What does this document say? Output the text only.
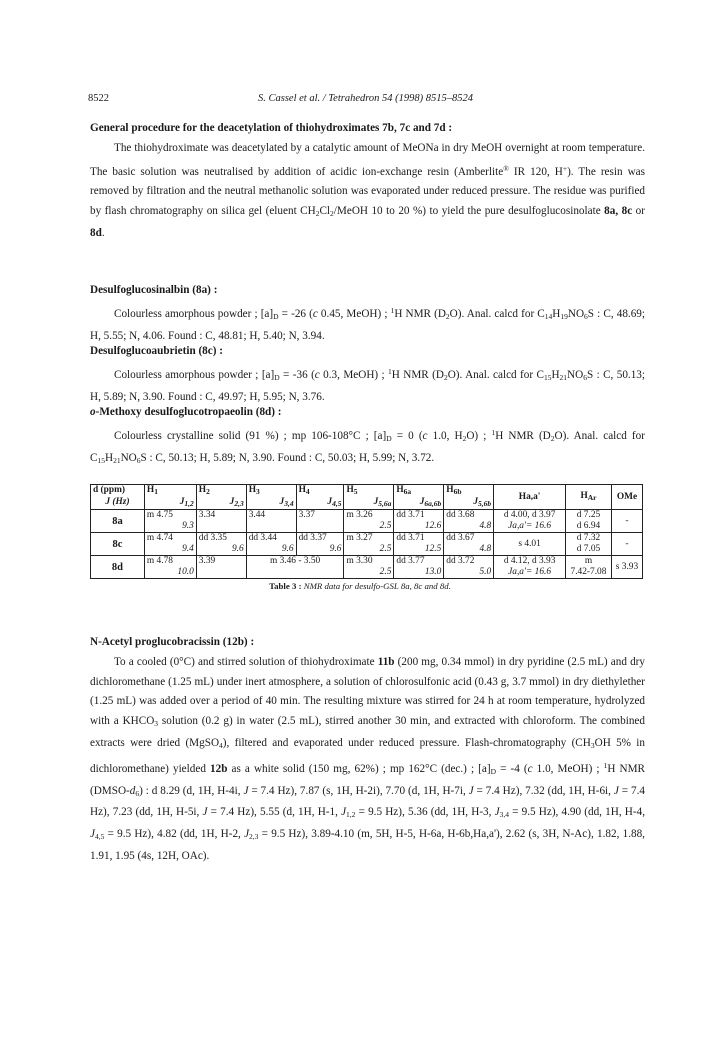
8522	S. Cassel et al. / Tetrahedron 54 (1998) 8515–8524

General procedure for the deacetylation of thiohydroximates 7b, 7c and 7d :

The thiohydroximate was deacetylated by a catalytic amount of MeONa in dry MeOH overnight at room temperature. The basic solution was neutralised by addition of acidic ion-exchange resin (Amberlite® IR 120, H+). The resin was removed by filtration and the neutral methanolic solution was evaporated under reduced pressure. The residue was purified by flash chromatography on silica gel (eluent $CH_2Cl_2$/MeOH 10 to 20 %) to yield the pure desulfoglucosinolate 8a, 8c or 8d.

Desulfoglucosinalbin (8a) :

Colourless amorphous powder ; $[a]_D = -26$ (c 0.45, MeOH) ; $^1$H NMR $(D_2O)$. Anal. calcd for $C_{14}H_{19}NO_6S$ : C, 48.69; H, 5.55; N, 4.06. Found : C, 48.81; H, 5.40; N, 3.94.

Desulfoglucoaubrietin (8c) :

Colourless amorphous powder ; $[a]_D = -36$ (c 0.3, MeOH) ; $^1$H NMR $(D_2O)$. Anal. calcd for $C_{15}H_{21}NO_6S$ : C, 50.13; H, 5.89; N, 3.90. Found : C, 49.97; H, 5.95; N, 3.76.

o-Methoxy desulfoglucotropaeolin (8d) :

Colourless crystalline solid (91 %) ; mp 106-108°C ; $[a]_D = 0$ (c 1.0, $H_2O$) ; $^1$H NMR $(D_2O)$. Anal. calcd for $C_{15}H_{21}NO_6S$ : C, 50.13; H, 5.89; N, 3.90. Found : C, 50.03; H, 5.99; N, 3.72.

d (ppm)	$H_1$	$H_2$	$H_3$	$H_4$	$H_5$	$H_{6a}$	$H_{6b}$	Ha,a'	$H_{Ar}$	OMe
J (Hz)	$J_{1,2}$	$J_{2,3}$	$J_{3,4}$	$J_{4,5}$	$J_{5,6a}$	$J_{6a,6b}$	$J_{5,6b}$
8a	m 4.75	3.34	3.44	3.37	m 3.26	dd 3.71	dd 3.68	d 4.00, d 3.97	d 7.25	-
	9.3				2.5	12.6	4.8	Ja,a'= 16.6	d 6.94	
8c	m 4.74	dd 3.35	dd 3.44	dd 3.37	m 3.27	dd 3.71	dd 3.67	s 4.01	d 7.32	-
	9.4	9.6	9.6	9.6	2.5	12.5	4.8		d 7.05	
8d	m 4.78	3.39	m 3.46 - 3.50		m 3.30	dd 3.77	dd 3.72	d 4.12, d 3.93	m	s 3.93
	10.0				2.5	13.0	5.0	Ja,a'= 16.6	7.42-7.08	
Table 3 : NMR data for desulfo-GSL 8a, 8c and 8d.

N-Acetyl proglucobracissin (12b) :

To a cooled (0°C) and stirred solution of thiohydroximate 11b (200 mg, 0.34 mmol) in dry pyridine (2.5 mL) and dry dichloromethane (1.25 mL) under inert atmosphere, a solution of chlorosulfonic acid (0.43 g, 3.7 mmol) in dry diethylether (1.25 mL) was added over a period of 40 min. The resulting mixture was stirred for 24 h at room temperature, hydrolyzed with a $KHCO_3$ solution (0.2 g) in water (2.5 mL), stirred another 30 min, and extracted with chloroform. The combined extracts were dried (MgSO$_4$), filtered and evaporated under reduced pressure. Flash-chromatography ($CH_3OH$ 5% in dichloromethane) yielded 12b as a white solid (150 mg, 62%) ; mp 162°C (dec.) ; $[a]_D = -4$ (c 1.0, MeOH) ; $^1$H NMR $(DMSO-d_6)$ : d 8.29 (d, 1H, H-4i, J = 7.4 Hz), 7.87 (s, 1H, H-2i), 7.70 (d, 1H, H-7i, J = 7.4 Hz), 7.32 (dd, 1H, H-6i, J = 7.4 Hz), 7.23 (dd, 1H, H-5i, J = 7.4 Hz), 5.55 (d, 1H, H-1, $J_{1,2} = 9.5$ Hz), 5.36 (dd, 1H, H-3, $J_{3,4} = 9.5$ Hz), 4.90 (dd, 1H, H-4, $J_{4,5} = 9.5$ Hz), 4.82 (dd, 1H, H-2, $J_{2,3} = 9.5$ Hz), 3.89-4.10 (m, 5H, H-5, H-6a, H-6b,Ha,a'), 2.62 (s, 3H, N-Ac), 1.82, 1.88, 1.91, 1.95 (4s, 12H, OAc).
